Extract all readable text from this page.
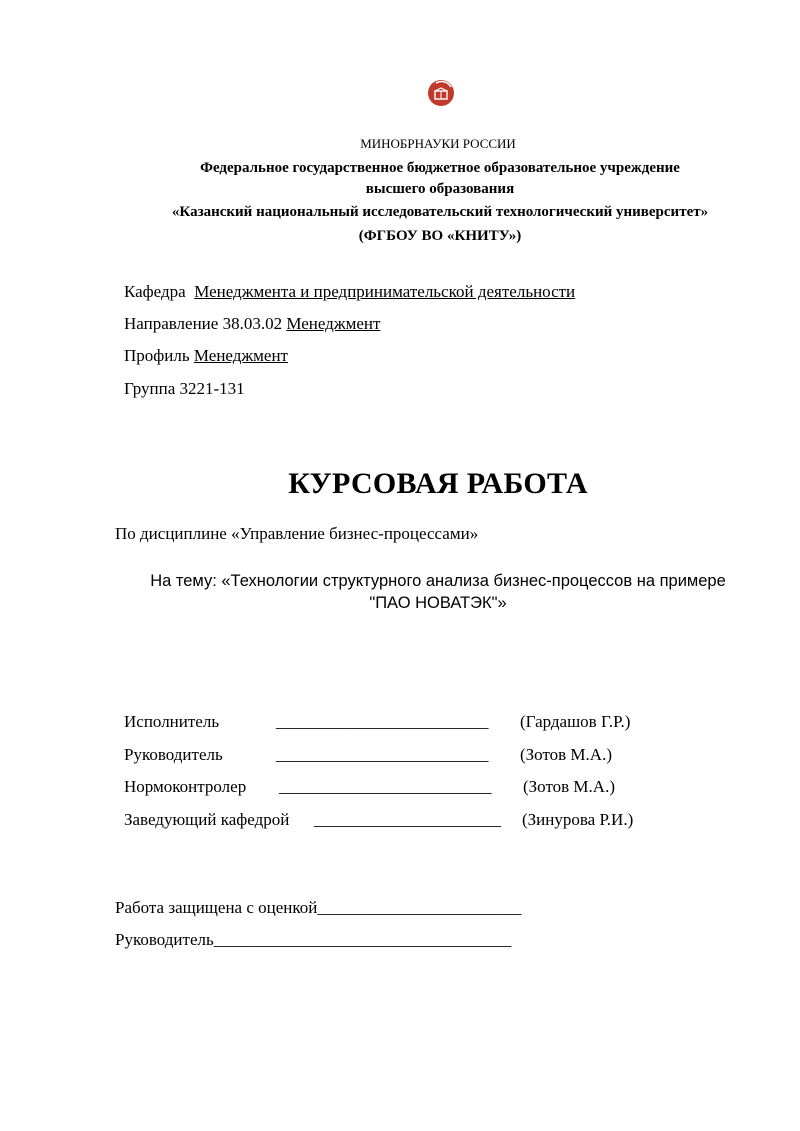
МИНОБРНАУКИ РОССИИ
Федеральное государственное бюджетное образовательное учреждение
высшего образования
«Казанский национальный исследовательский технологический университет»
(ФГБОУ ВО «КНИТУ»)
Кафедра Менеджмента и предпринимательской деятельности
Направление 38.03.02 Менеджмент
Профиль Менеджмент
Группа 3221-131
КУРСОВАЯ РАБОТА
По дисциплине «Управление бизнес-процессами»
На тему: «Технологии структурного анализа бизнес-процессов на примере
"ПАО НОВАТЭК"»
Исполнитель	_________________________ (Гардашов Г.Р.)
Руководитель	_________________________ (Зотов М.А.)
Нормоконтролер _________________________ (Зотов М.А.)
Заведующий кафедрой ______________________ (Зинурова Р.И.)
Работа защищена с оценкой________________________
Руководитель___________________________________
